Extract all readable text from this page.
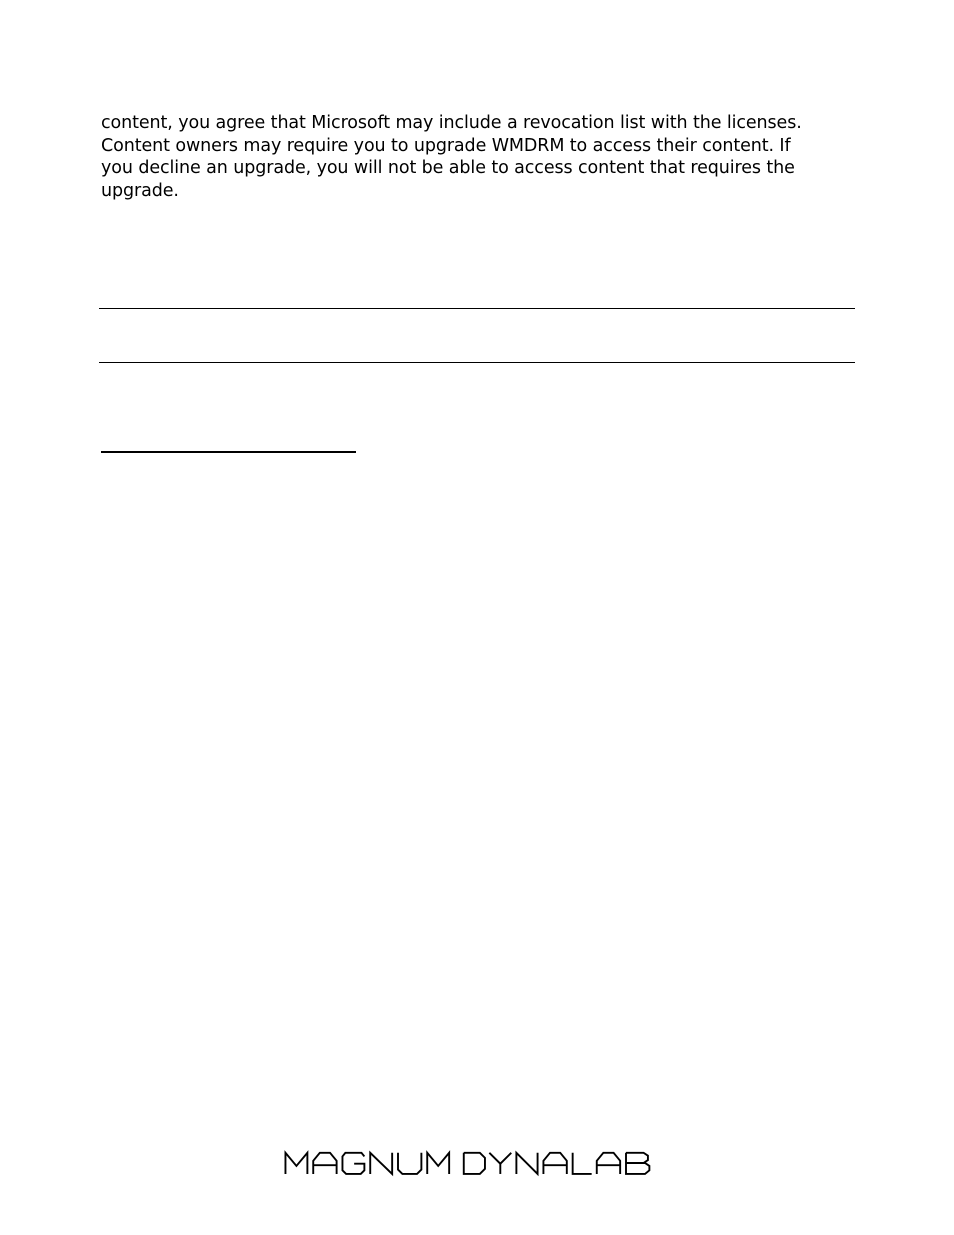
content, you agree that Microsoft may include a revocation list with the licenses.
Content owners may require you to upgrade WMDRM to access their content. If
you decline an upgrade, you will not be able to access content that requires the
upgrade.
